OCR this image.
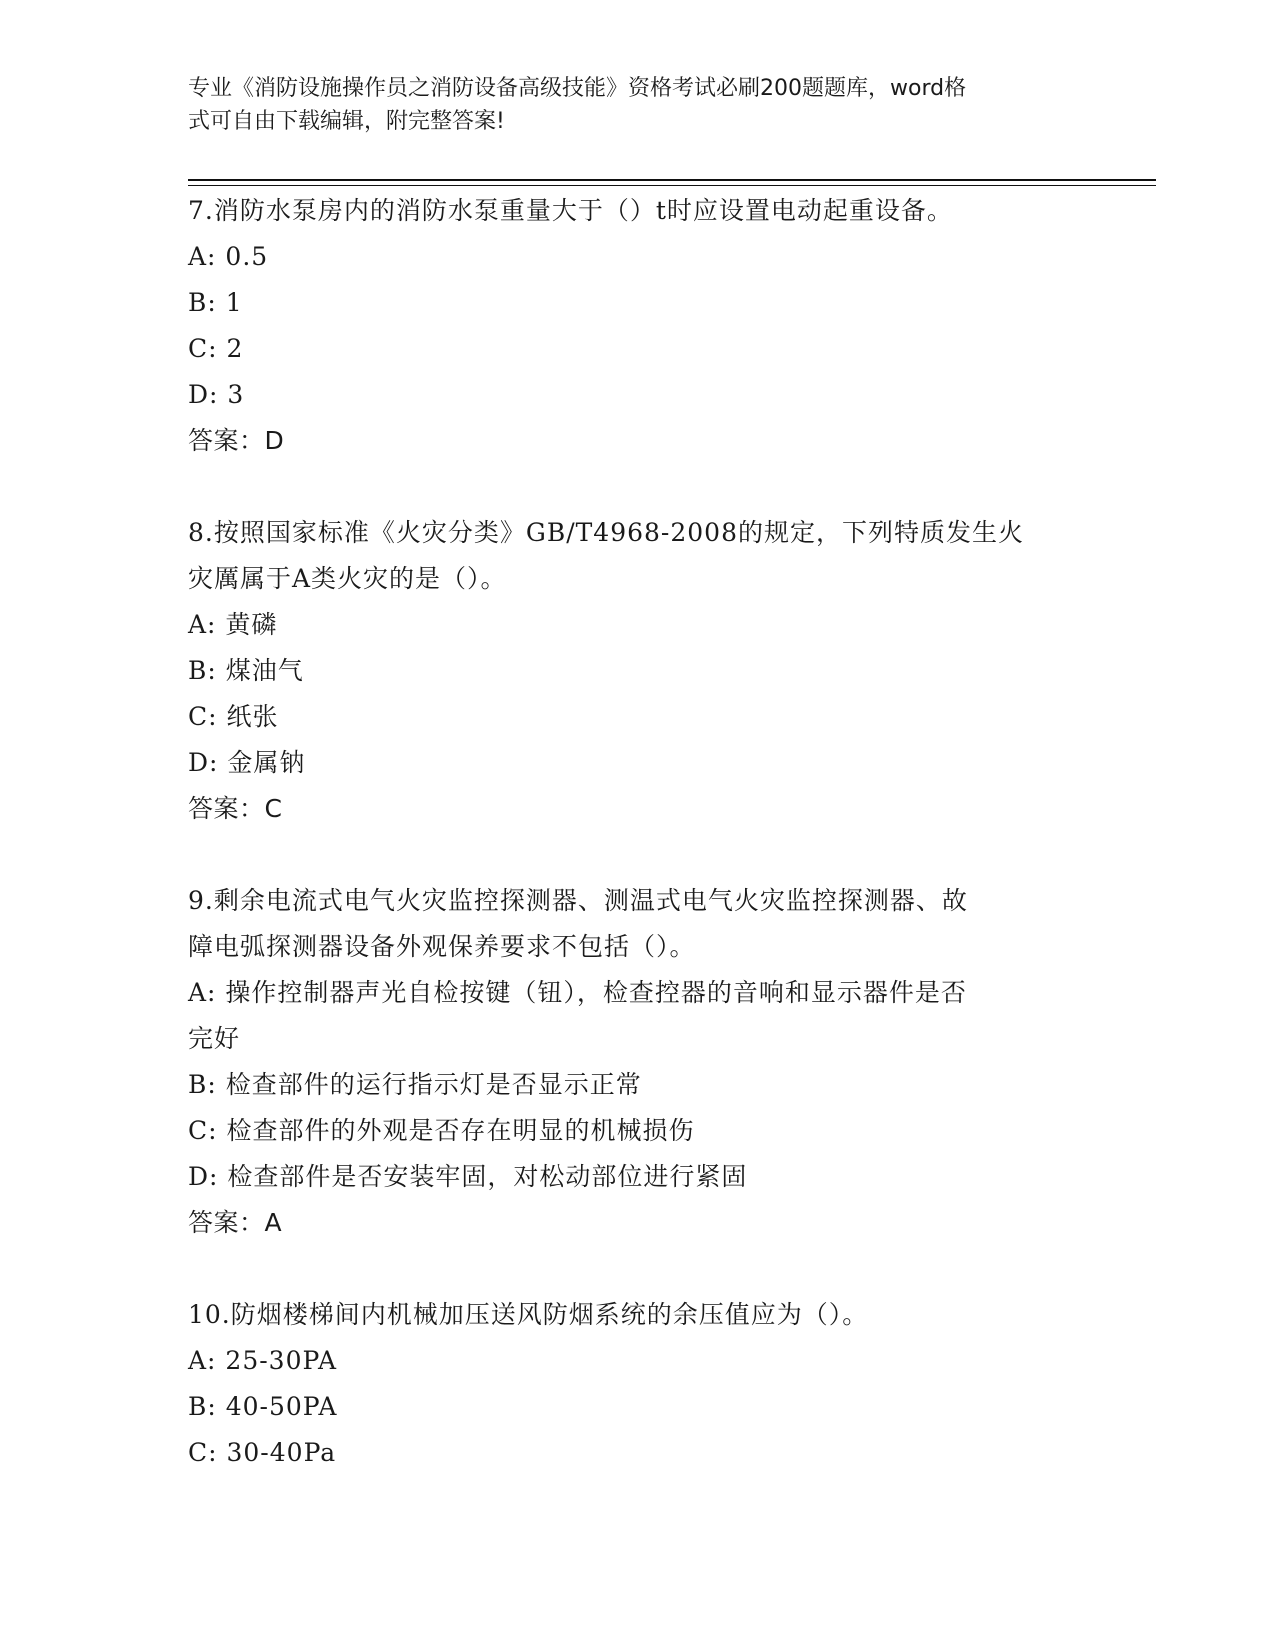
专业《消防设施操作员之消防设备高级技能》资格考试必刷200题题库，word格
式可自由下载编辑，附完整答案!
7.消防水泵房内的消防水泵重量大于（）t时应设置电动起重设备。
A: 0.5
B: 1
C: 2
D: 3
答案：D
8.按照国家标准《火灾分类》GB/T4968-2008的规定，下列特质发生火
灾厲属于A类火灾的是（）。
A: 黄磷
B: 煤油气
C: 纸张
D: 金属钠
答案：C
9.剩余电流式电气火灾监控探测器、测温式电气火灾监控探测器、故
障电弧探测器设备外观保养要求不包括（）。
A: 操作控制器声光自检按键（钮），检查控器的音响和显示器件是否
完好
B: 检查部件的运行指示灯是否显示正常
C: 检查部件的外观是否存在明显的机械损伤
D: 检查部件是否安装牢固，对松动部位进行紧固
答案：A
10.防烟楼梯间内机械加压送风防烟系统的余压值应为（）。
A: 25-30PA
B: 40-50PA
C: 30-40Pa
